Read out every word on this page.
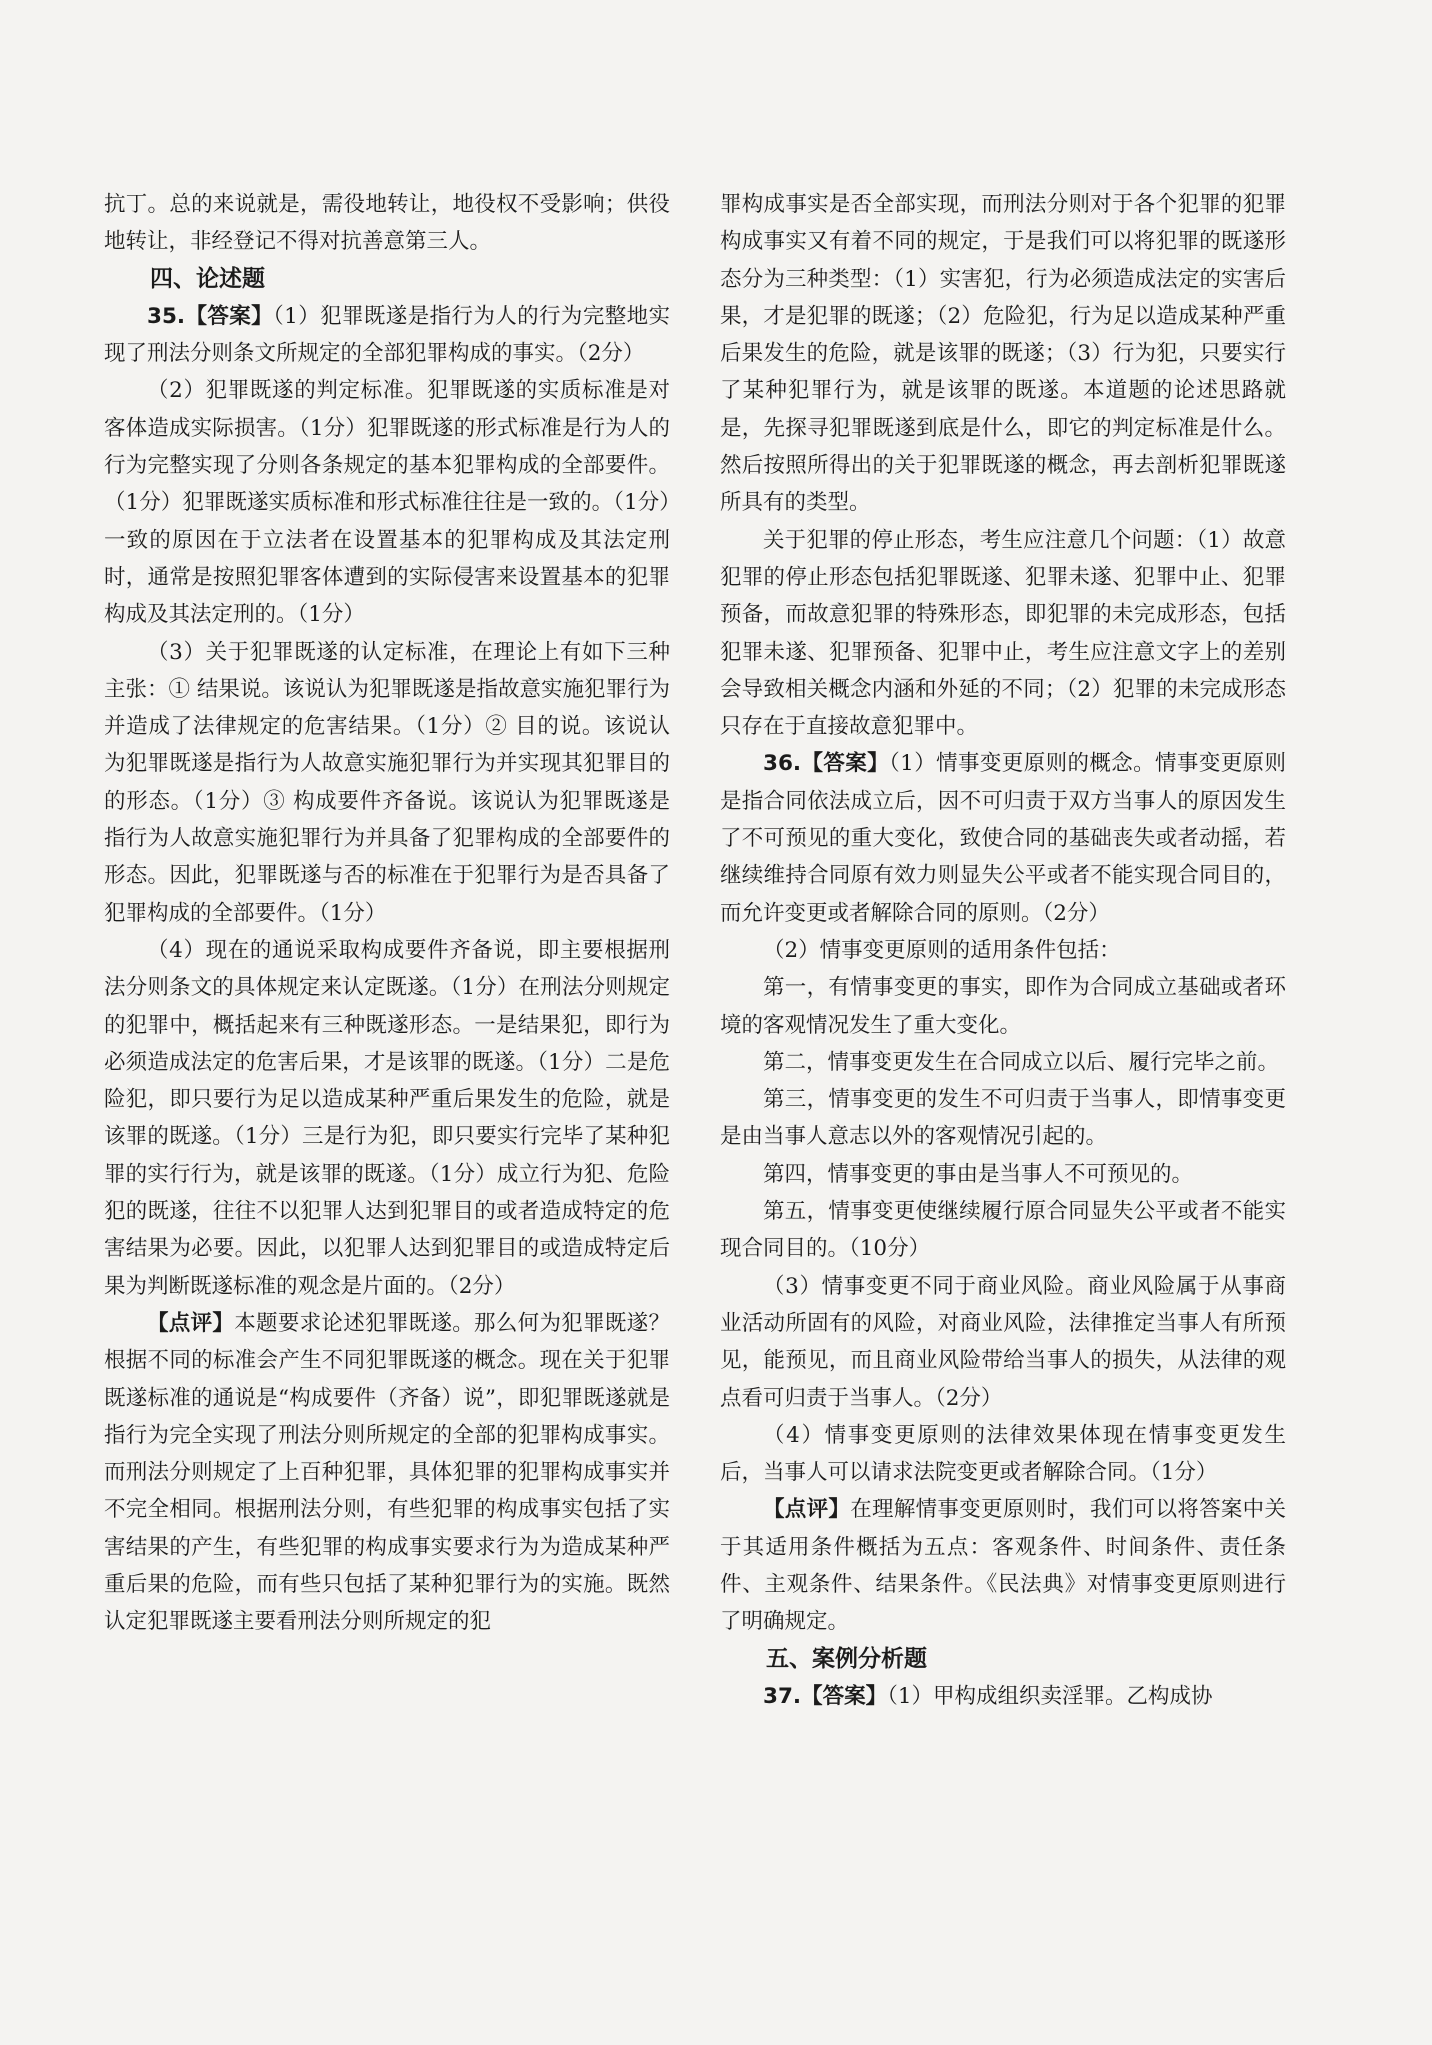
抗丁。总的来说就是，需役地转让，地役权不受影响；供役地转让，非经登记不得对抗善意第三人。

四、论述题

35.【答案】（1）犯罪既遂是指行为人的行为完整地实现了刑法分则条文所规定的全部犯罪构成的事实。（2分）

（2）犯罪既遂的判定标准。犯罪既遂的实质标准是对客体造成实际损害。（1分）犯罪既遂的形式标准是行为人的行为完整实现了分则各条规定的基本犯罪构成的全部要件。（1分）犯罪既遂实质标准和形式标准往往是一致的。（1分）一致的原因在于立法者在设置基本的犯罪构成及其法定刑时，通常是按照犯罪客体遭到的实际侵害来设置基本的犯罪构成及其法定刑的。（1分）

（3）关于犯罪既遂的认定标准，在理论上有如下三种主张：① 结果说。该说认为犯罪既遂是指故意实施犯罪行为并造成了法律规定的危害结果。（1分）② 目的说。该说认为犯罪既遂是指行为人故意实施犯罪行为并实现其犯罪目的的形态。（1分）③ 构成要件齐备说。该说认为犯罪既遂是指行为人故意实施犯罪行为并具备了犯罪构成的全部要件的形态。因此，犯罪既遂与否的标准在于犯罪行为是否具备了犯罪构成的全部要件。（1分）

（4）现在的通说采取构成要件齐备说，即主要根据刑法分则条文的具体规定来认定既遂。（1分）在刑法分则规定的犯罪中，概括起来有三种既遂形态。一是结果犯，即行为必须造成法定的危害后果，才是该罪的既遂。（1分）二是危险犯，即只要行为足以造成某种严重后果发生的危险，就是该罪的既遂。（1分）三是行为犯，即只要实行完毕了某种犯罪的实行行为，就是该罪的既遂。（1分）成立行为犯、危险犯的既遂，往往不以犯罪人达到犯罪目的或者造成特定的危害结果为必要。因此，以犯罪人达到犯罪目的或造成特定后果为判断既遂标准的观念是片面的。（2分）

【点评】本题要求论述犯罪既遂。那么何为犯罪既遂？根据不同的标准会产生不同犯罪既遂的概念。现在关于犯罪既遂标准的通说是“构成要件（齐备）说”，即犯罪既遂就是指行为完全实现了刑法分则所规定的全部的犯罪构成事实。而刑法分则规定了上百种犯罪，具体犯罪的犯罪构成事实并不完全相同。根据刑法分则，有些犯罪的构成事实包括了实害结果的产生，有些犯罪的构成事实要求行为为造成某种严重后果的危险，而有些只包括了某种犯罪行为的实施。既然认定犯罪既遂主要看刑法分则所规定的犯

罪构成事实是否全部实现，而刑法分则对于各个犯罪的犯罪构成事实又有着不同的规定，于是我们可以将犯罪的既遂形态分为三种类型：（1）实害犯，行为必须造成法定的实害后果，才是犯罪的既遂；（2）危险犯，行为足以造成某种严重后果发生的危险，就是该罪的既遂；（3）行为犯，只要实行了某种犯罪行为，就是该罪的既遂。本道题的论述思路就是，先探寻犯罪既遂到底是什么，即它的判定标准是什么。然后按照所得出的关于犯罪既遂的概念，再去剖析犯罪既遂所具有的类型。

关于犯罪的停止形态，考生应注意几个问题：（1）故意犯罪的停止形态包括犯罪既遂、犯罪未遂、犯罪中止、犯罪预备，而故意犯罪的特殊形态，即犯罪的未完成形态，包括犯罪未遂、犯罪预备、犯罪中止，考生应注意文字上的差别会导致相关概念内涵和外延的不同；（2）犯罪的未完成形态只存在于直接故意犯罪中。

36.【答案】（1）情事变更原则的概念。情事变更原则是指合同依法成立后，因不可归责于双方当事人的原因发生了不可预见的重大变化，致使合同的基础丧失或者动摇，若继续维持合同原有效力则显失公平或者不能实现合同目的，而允许变更或者解除合同的原则。（2分）

（2）情事变更原则的适用条件包括：

第一，有情事变更的事实，即作为合同成立基础或者环境的客观情况发生了重大变化。

第二，情事变更发生在合同成立以后、履行完毕之前。

第三，情事变更的发生不可归责于当事人，即情事变更是由当事人意志以外的客观情况引起的。

第四，情事变更的事由是当事人不可预见的。

第五，情事变更使继续履行原合同显失公平或者不能实现合同目的。（10分）

（3）情事变更不同于商业风险。商业风险属于从事商业活动所固有的风险，对商业风险，法律推定当事人有所预见，能预见，而且商业风险带给当事人的损失，从法律的观点看可归责于当事人。（2分）

（4）情事变更原则的法律效果体现在情事变更发生后，当事人可以请求法院变更或者解除合同。（1分）

【点评】在理解情事变更原则时，我们可以将答案中关于其适用条件概括为五点：客观条件、时间条件、责任条件、主观条件、结果条件。《民法典》对情事变更原则进行了明确规定。

五、案例分析题

37.【答案】（1）甲构成组织卖淫罪。乙构成协
